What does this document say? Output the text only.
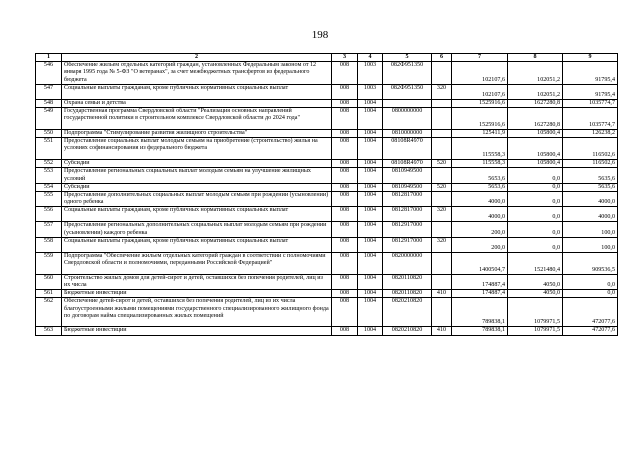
198
1	2	3	4	5	6	7	8	9
546	Обеспечение жильем отдельных категорий граждан, установленных Федеральным законом от 12 января 1995 года № 5-ФЗ "О ветеранах", за счет межбюджетных трансфертов из федерального бюджета	008	1003	082Ф951350		102107,6	102051,2	91795,4
547	Социальные выплаты гражданам, кроме публичных нормативных социальных выплат	008	1003	082Ф951350	320	102107,6	102051,2	91795,4
548	Охрана семьи и детства	008	1004			1525916,6	1627280,8	1035774,7
549	Государственная программа Свердловской области "Реализация основных направлений государственной политики в строительном комплексе Свердловской области до 2024 года"	008	1004	0800000000		1525916,6	1627280,8	1035774,7
550	Подпрограмма "Стимулирование развития жилищного строительства"	008	1004	0810000000		125411,9	105800,4	126238,2
551	Предоставление социальных выплат молодым семьям на приобретение (строительство) жилья на условиях софинансирования из федерального бюджета	008	1004	08108R4970		115558,3	105800,4	116502,6
552	Субсидии	008	1004	08108R4970	520	115558,3	105800,4	116502,6
553	Предоставление региональных социальных выплат молодым семьям на улучшение жилищных условий	008	1004	0810949500		5653,6	0,0	5635,6
554	Субсидии	008	1004	0810949500	520	5653,6	0,0	5635,6
555	Предоставление дополнительных социальных выплат молодым семьям при рождении (усыновлении) одного ребенка	008	1004	0812817000		4000,0	0,0	4000,0
556	Социальные выплаты гражданам, кроме публичных нормативных социальных выплат	008	1004	0812817000	320	4000,0	0,0	4000,0
557	Предоставление региональных дополнительных социальных выплат молодым семьям при рождении (усыновлении) каждого ребенка	008	1004	0812917000		200,0	0,0	100,0
558	Социальные выплаты гражданам, кроме публичных нормативных социальных выплат	008	1004	0812917000	320	200,0	0,0	100,0
559	Подпрограмма "Обеспечение жильем отдельных категорий граждан в соответствии с полномочиями Свердловской области и полномочиями, переданными Российской Федерацией"	008	1004	0820000000		1400504,7	1521480,4	909536,5
560	Строительство жилых домов для детей-сирот и детей, оставшихся без попечения родителей, лиц из их числа	008	1004	0820110820		174887,4	4050,0	0,0
561	Бюджетные инвестиции	008	1004	0820110820	410	174887,4	4050,0	0,0
562	Обеспечение детей-сирот и детей, оставшихся без попечения родителей, лиц из их числа благоустроенными жилыми помещениями государственного специализированного жилищного фонда по договорам найма специализированных жилых помещений	008	1004	0820210820		789838,1	1079971,5	472077,6
563	Бюджетные инвестиции	008	1004	0820210820	410	789838,1	1079971,5	472077,6
